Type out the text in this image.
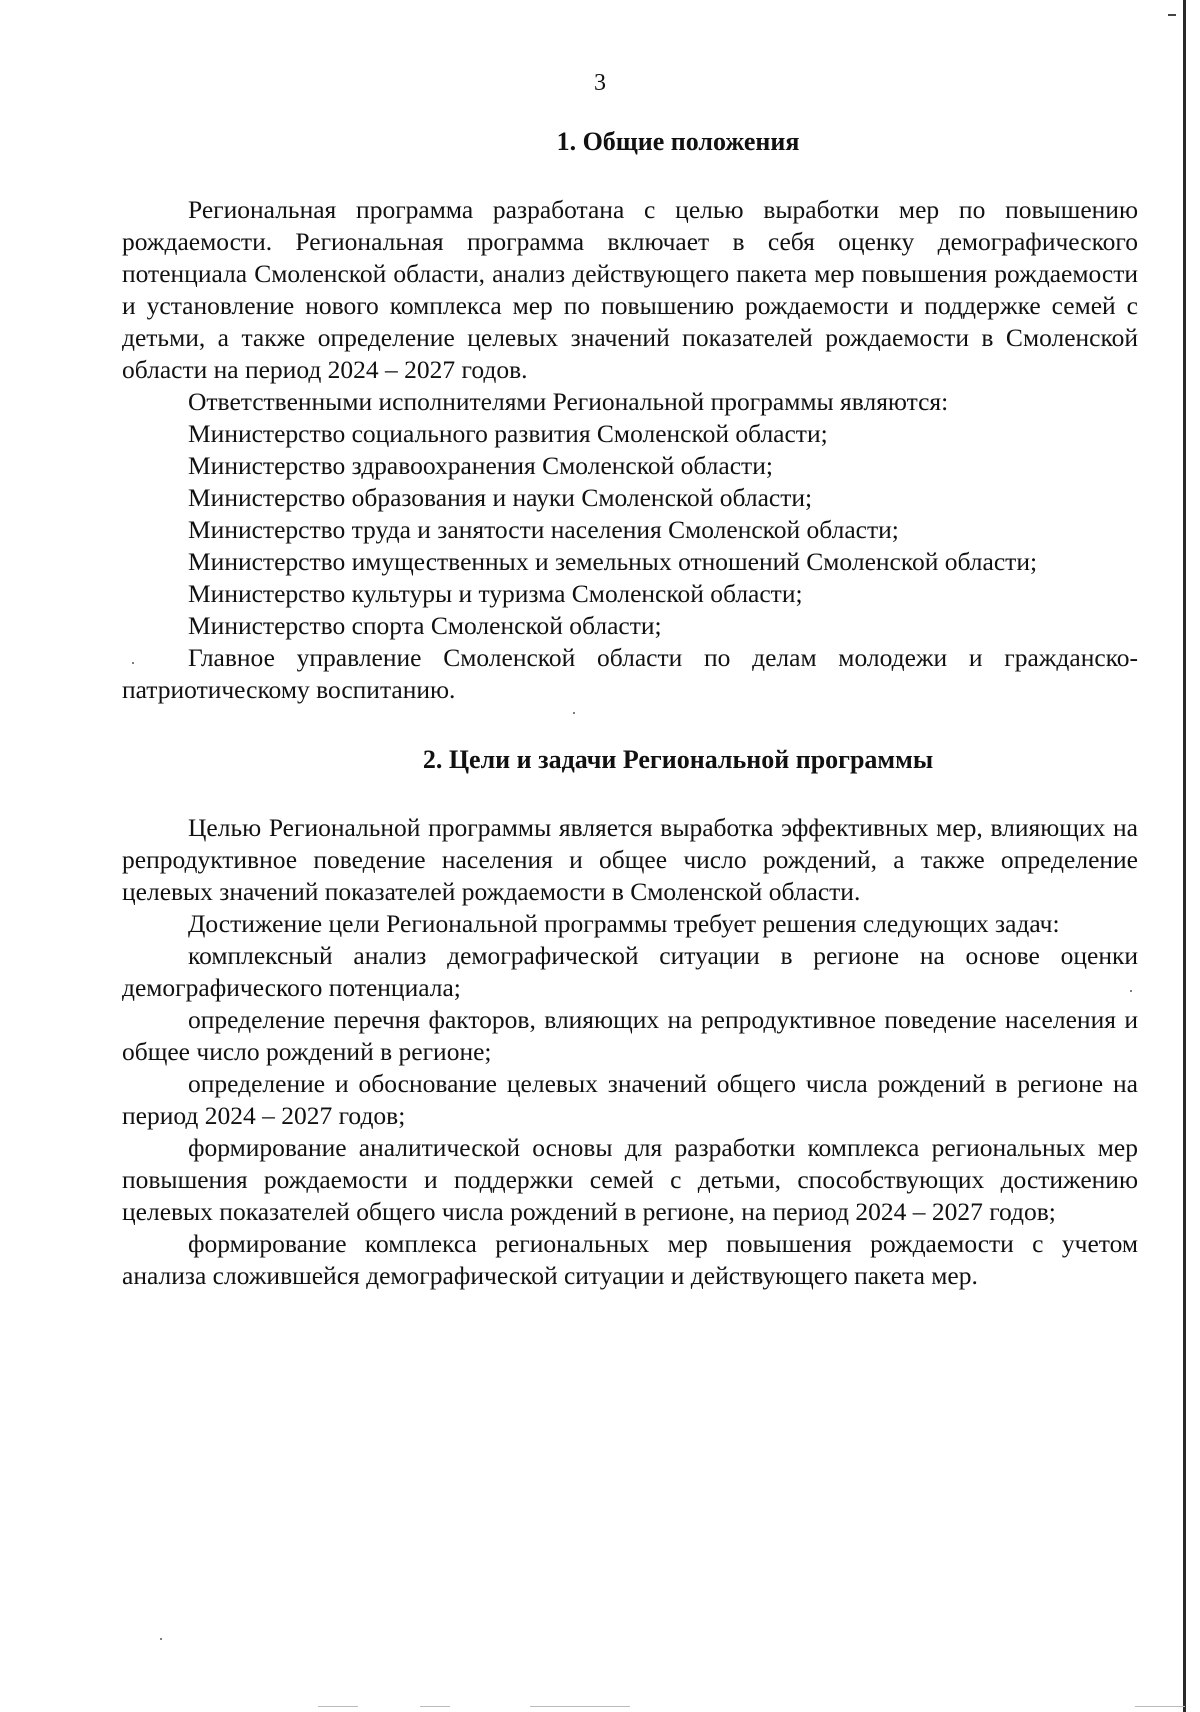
3
1. Общие положения

Региональная программа разработана с целью выработки мер по повышению рождаемости. Региональная программа включает в себя оценку демографического потенциала Смоленской области, анализ действующего пакета мер повышения рождаемости и установление нового комплекса мер по повышению рождаемости и поддержке семей с детьми, а также определение целевых значений показателей рождаемости в Смоленской области на период 2024 – 2027 годов.

Ответственными исполнителями Региональной программы являются:

Министерство социального развития Смоленской области;

Министерство здравоохранения Смоленской области;

Министерство образования и науки Смоленской области;

Министерство труда и занятости населения Смоленской области;

Министерство имущественных и земельных отношений Смоленской области;

Министерство культуры и туризма Смоленской области;

Министерство спорта Смоленской области;

Главное управление Смоленской области по делам молодежи и гражданско-патриотическому воспитанию.

2. Цели и задачи Региональной программы

Целью Региональной программы является выработка эффективных мер, влияющих на репродуктивное поведение населения и общее число рождений, а также определение целевых значений показателей рождаемости в Смоленской области.

Достижение цели Региональной программы требует решения следующих задач:

комплексный анализ демографической ситуации в регионе на основе оценки демографического потенциала;

определение перечня факторов, влияющих на репродуктивное поведение населения и общее число рождений в регионе;

определение и обоснование целевых значений общего числа рождений в регионе на период 2024 – 2027 годов;

формирование аналитической основы для разработки комплекса региональных мер повышения рождаемости и поддержки семей с детьми, способствующих достижению целевых показателей общего числа рождений в регионе, на период 2024 – 2027 годов;

формирование комплекса региональных мер повышения рождаемости с учетом анализа сложившейся демографической ситуации и действующего пакета мер.
